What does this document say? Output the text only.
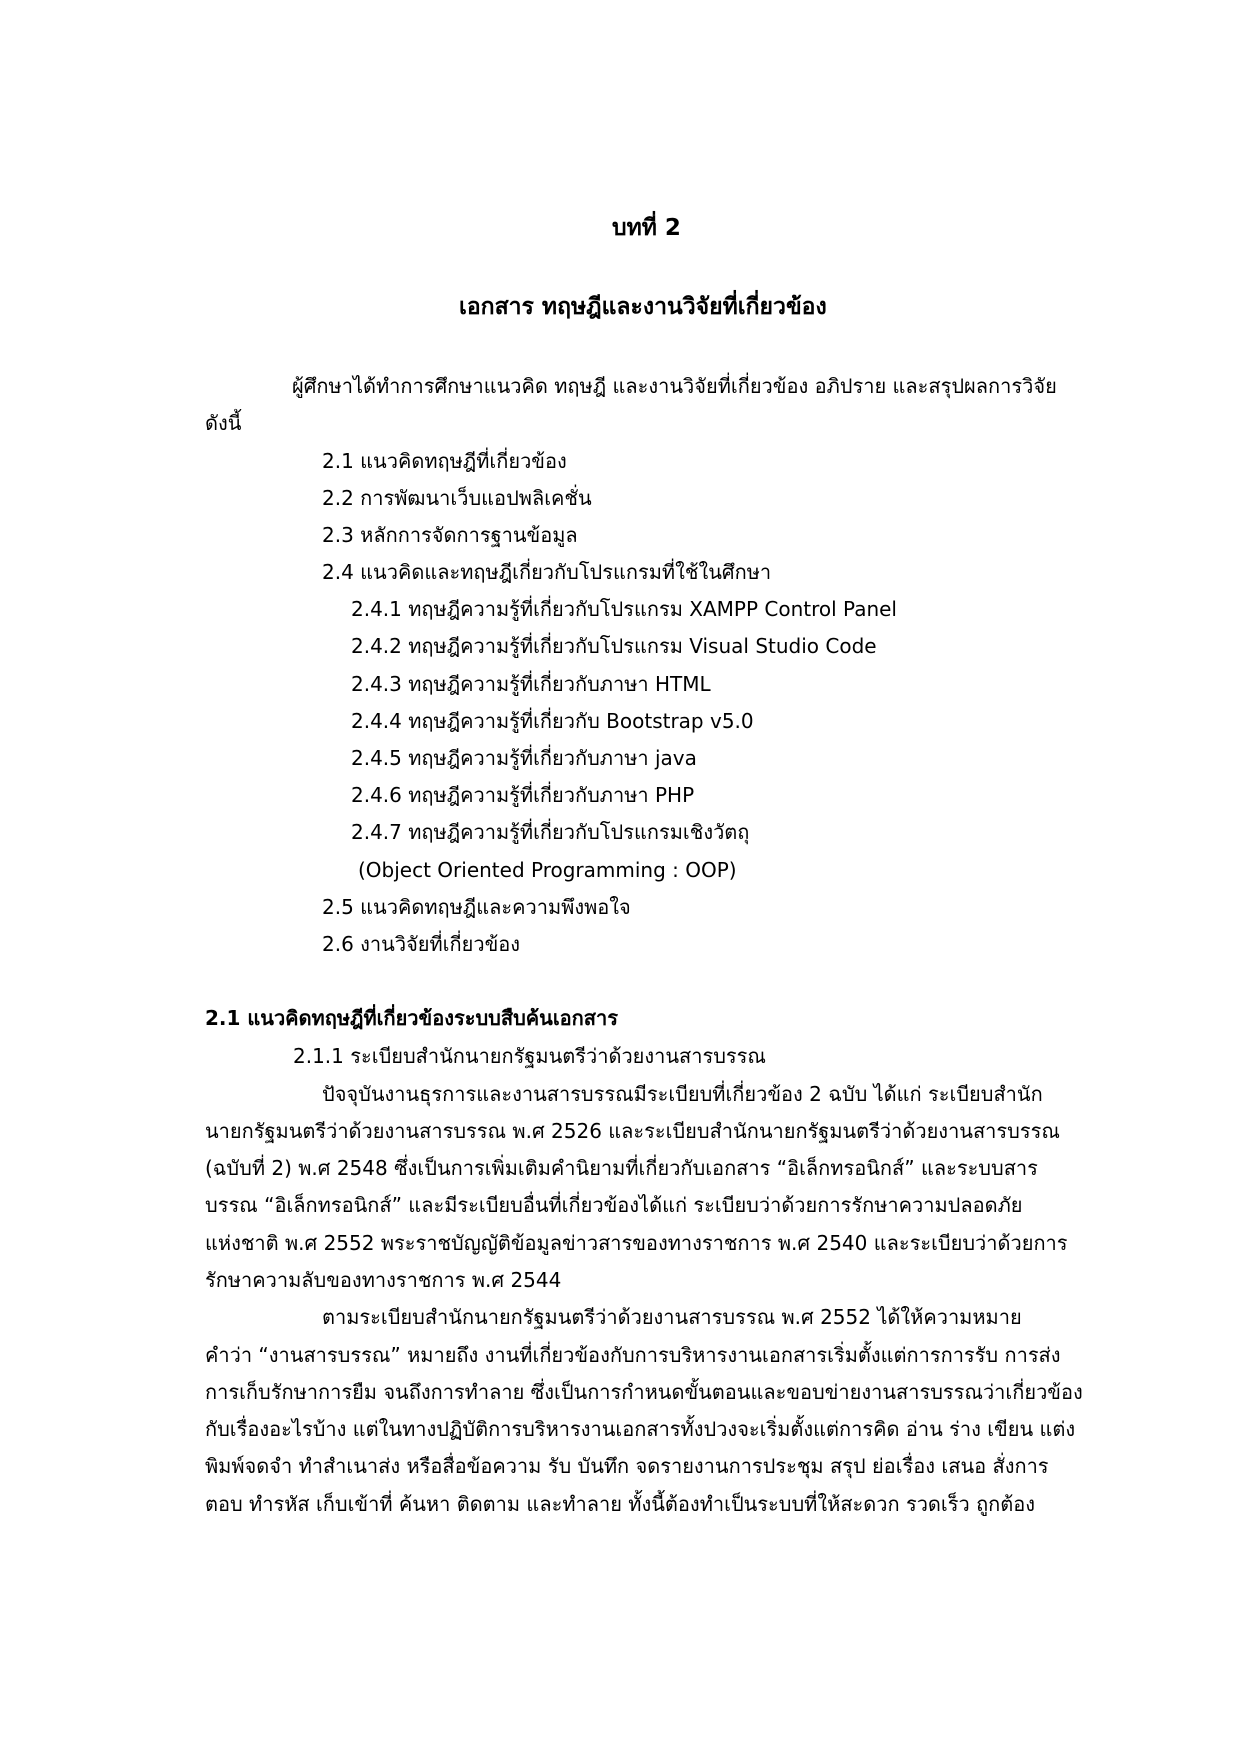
บทที่ 2
เอกสาร ทฤษฎีและงานวิจัยที่เกี่ยวข้อง
ผู้ศึกษาได้ทำการศึกษาแนวคิด ทฤษฎี และงานวิจัยที่เกี่ยวข้อง อภิปราย และสรุปผลการวิจัย
ดังนี้
2.1 แนวคิดทฤษฎีที่เกี่ยวข้อง
2.2 การพัฒนาเว็บแอปพลิเคชั่น
2.3 หลักการจัดการฐานข้อมูล
2.4 แนวคิดและทฤษฎีเกี่ยวกับโปรแกรมที่ใช้ในศึกษา
2.4.1 ทฤษฎีความรู้ที่เกี่ยวกับโปรแกรม XAMPP Control Panel
2.4.2 ทฤษฎีความรู้ที่เกี่ยวกับโปรแกรม Visual Studio Code
2.4.3 ทฤษฎีความรู้ที่เกี่ยวกับภาษา HTML
2.4.4 ทฤษฎีความรู้ที่เกี่ยวกับ Bootstrap v5.0
2.4.5 ทฤษฎีความรู้ที่เกี่ยวกับภาษา java
2.4.6 ทฤษฎีความรู้ที่เกี่ยวกับภาษา PHP
2.4.7 ทฤษฎีความรู้ที่เกี่ยวกับโปรแกรมเชิงวัตถุ
(Object Oriented Programming : OOP)
2.5 แนวคิดทฤษฎีและความพึงพอใจ
2.6 งานวิจัยที่เกี่ยวข้อง
2.1 แนวคิดทฤษฎีที่เกี่ยวข้องระบบสืบค้นเอกสาร
2.1.1 ระเบียบสำนักนายกรัฐมนตรีว่าด้วยงานสารบรรณ
ปัจจุบันงานธุรการและงานสารบรรณมีระเบียบที่เกี่ยวข้อง 2 ฉบับ ได้แก่ ระเบียบสำนัก
นายกรัฐมนตรีว่าด้วยงานสารบรรณ พ.ศ 2526 และระเบียบสำนักนายกรัฐมนตรีว่าด้วยงานสารบรรณ
(ฉบับที่ 2) พ.ศ 2548 ซึ่งเป็นการเพิ่มเติมคำนิยามที่เกี่ยวกับเอกสาร “อิเล็กทรอนิกส์” และระบบสาร
บรรณ “อิเล็กทรอนิกส์” และมีระเบียบอื่นที่เกี่ยวข้องได้แก่ ระเบียบว่าด้วยการรักษาความปลอดภัย
แห่งชาติ พ.ศ 2552 พระราชบัญญัติข้อมูลข่าวสารของทางราชการ พ.ศ 2540 และระเบียบว่าด้วยการ
รักษาความลับของทางราชการ พ.ศ 2544
ตามระเบียบสำนักนายกรัฐมนตรีว่าด้วยงานสารบรรณ พ.ศ 2552 ได้ให้ความหมาย
คำว่า “งานสารบรรณ” หมายถึง งานที่เกี่ยวข้องกับการบริหารงานเอกสารเริ่มตั้งแต่การการรับ การส่ง
การเก็บรักษาการยืม จนถึงการทำลาย ซึ่งเป็นการกำหนดขั้นตอนและขอบข่ายงานสารบรรณว่าเกี่ยวข้อง
กับเรื่องอะไรบ้าง แต่ในทางปฏิบัติการบริหารงานเอกสารทั้งปวงจะเริ่มตั้งแต่การคิด อ่าน ร่าง เขียน แต่ง
พิมพ์จดจำ ทำสำเนาส่ง หรือสื่อข้อความ รับ บันทึก จดรายงานการประชุม สรุป ย่อเรื่อง เสนอ สั่งการ
ตอบ ทำรหัส เก็บเข้าที่ ค้นหา ติดตาม และทำลาย ทั้งนี้ต้องทำเป็นระบบที่ให้สะดวก รวดเร็ว ถูกต้อง
